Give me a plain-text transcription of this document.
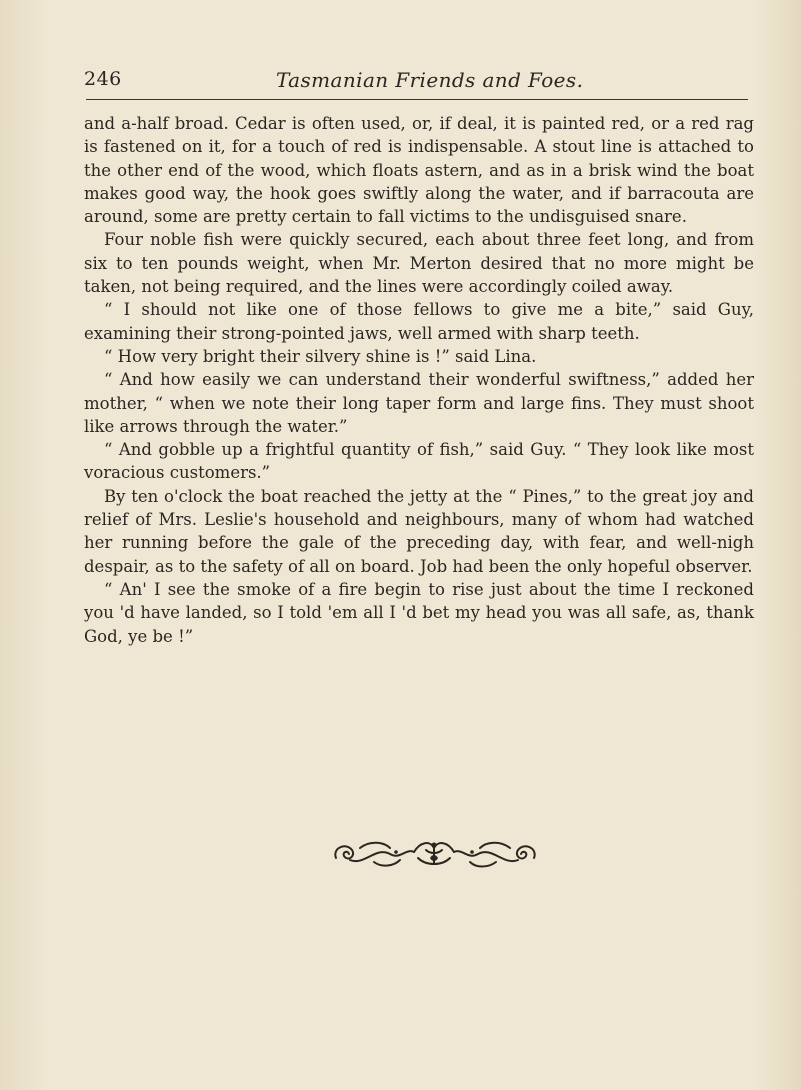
246	Tasmanian Friends and Foes.

and a-half broad. Cedar is often used, or, if deal, it is painted red, or a red rag is fastened on it, for a touch of red is indispensable. A stout line is attached to the other end of the wood, which floats astern, and as in a brisk wind the boat makes good way, the hook goes swiftly along the water, and if barracouta are around, some are pretty certain to fall victims to the undisguised snare.

Four noble fish were quickly secured, each about three feet long, and from six to ten pounds weight, when Mr. Merton desired that no more might be taken, not being required, and the lines were accordingly coiled away.

“ I should not like one of those fellows to give me a bite,” said Guy, examining their strong-pointed jaws, well armed with sharp teeth.

“ How very bright their silvery shine is !” said Lina.

“ And how easily we can understand their wonderful swiftness,” added her mother, “ when we note their long taper form and large fins. They must shoot like arrows through the water.”

“ And gobble up a frightful quantity of fish,” said Guy. “ They look like most voracious customers.”

By ten o'clock the boat reached the jetty at the “ Pines,” to the great joy and relief of Mrs. Leslie's household and neighbours, many of whom had watched her running before the gale of the preceding day, with fear, and well-nigh despair, as to the safety of all on board. Job had been the only hopeful observer.

“ An' I see the smoke of a fire begin to rise just about the time I reckoned you 'd have landed, so I told 'em all I 'd bet my head you was all safe, as, thank God, ye be !”
